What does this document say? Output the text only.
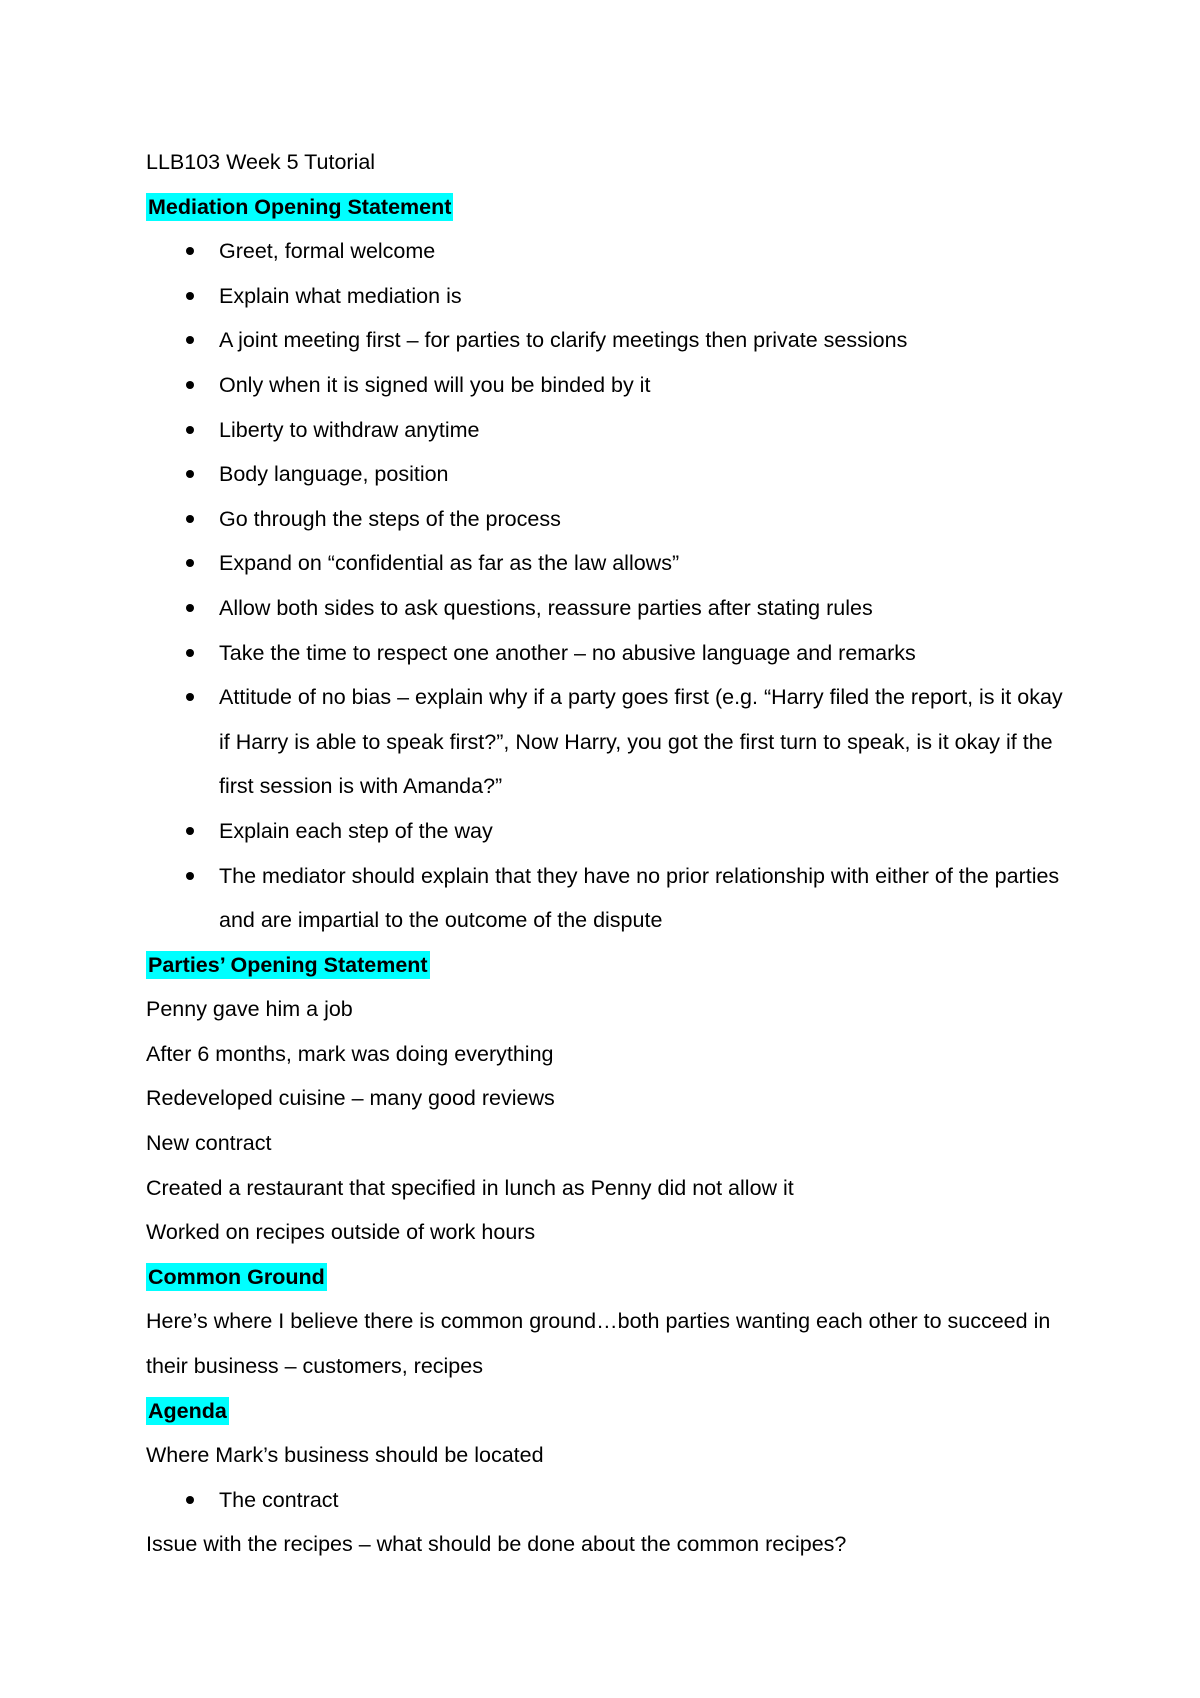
LLB103 Week 5 Tutorial

Mediation Opening Statement

Greet, formal welcome
Explain what mediation is
A joint meeting first – for parties to clarify meetings then private sessions
Only when it is signed will you be binded by it
Liberty to withdraw anytime
Body language, position
Go through the steps of the process
Expand on “confidential as far as the law allows”
Allow both sides to ask questions, reassure parties after stating rules
Take the time to respect one another – no abusive language and remarks
Attitude of no bias – explain why if a party goes first (e.g. “Harry filed the report, is it okay if Harry is able to speak first?”, Now Harry, you got the first turn to speak, is it okay if the first session is with Amanda?”
Explain each step of the way
The mediator should explain that they have no prior relationship with either of the parties and are impartial to the outcome of the dispute

Parties’ Opening Statement

Penny gave him a job

After 6 months, mark was doing everything

Redeveloped cuisine – many good reviews

New contract

Created a restaurant that specified in lunch as Penny did not allow it

Worked on recipes outside of work hours

Common Ground

Here’s where I believe there is common ground…both parties wanting each other to succeed in their business – customers, recipes

Agenda

Where Mark’s business should be located

The contract

Issue with the recipes – what should be done about the common recipes?
